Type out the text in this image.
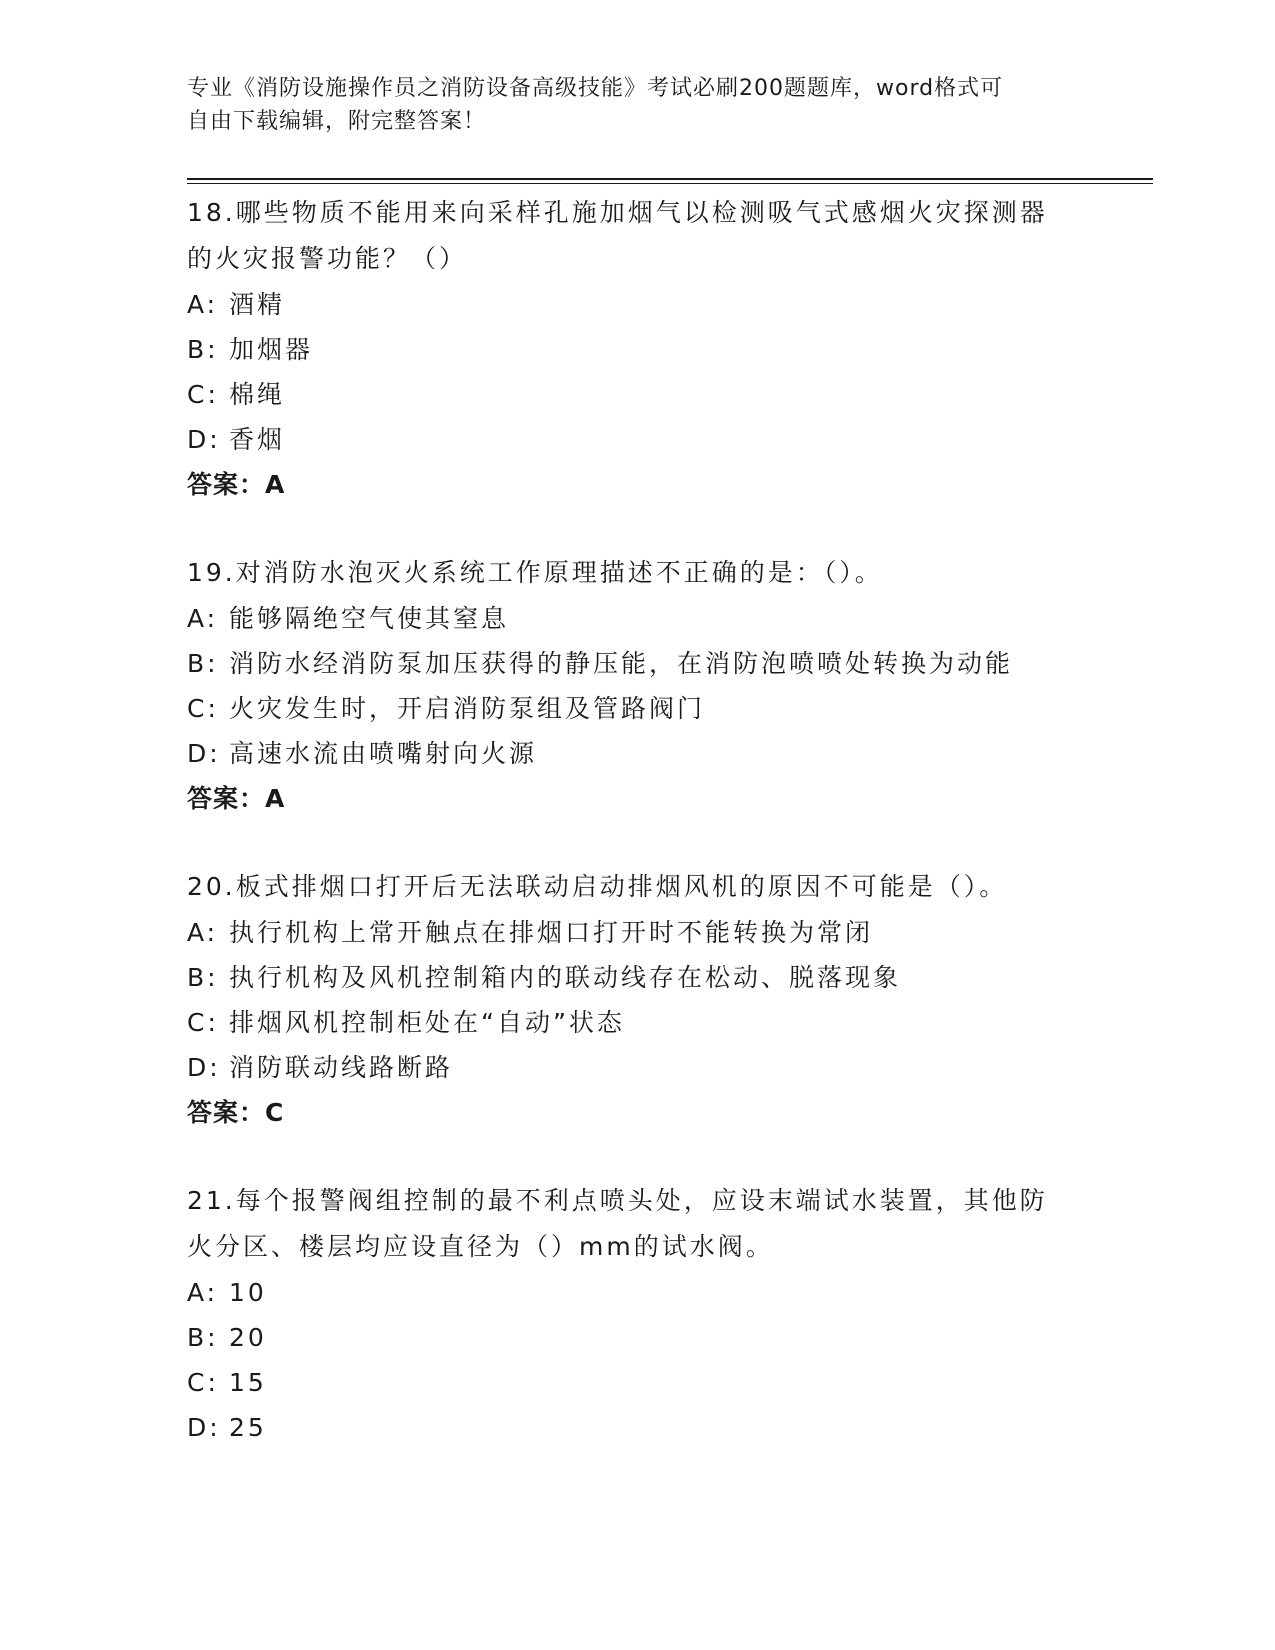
专业《消防设施操作员之消防设备高级技能》考试必刷200题题库，word格式可
自由下载编辑，附完整答案！
18.哪些物质不能用来向采样孔施加烟气以检测吸气式感烟火灾探测器
的火灾报警功能？（）
A: 酒精
B: 加烟器
C: 棉绳
D: 香烟
答案：A
19.对消防水泡灭火系统工作原理描述不正确的是：（）。
A: 能够隔绝空气使其窒息
B: 消防水经消防泵加压获得的静压能，在消防泡喷喷处转换为动能
C: 火灾发生时，开启消防泵组及管路阀门
D: 高速水流由喷嘴射向火源
答案：A
20.板式排烟口打开后无法联动启动排烟风机的原因不可能是（）。
A: 执行机构上常开触点在排烟口打开时不能转换为常闭
B: 执行机构及风机控制箱内的联动线存在松动、脱落现象
C: 排烟风机控制柜处在“自动”状态
D: 消防联动线路断路
答案：C
21.每个报警阀组控制的最不利点喷头处，应设末端试水装置，其他防
火分区、楼层均应设直径为（）mm的试水阀。
A: 10
B: 20
C: 15
D: 25
